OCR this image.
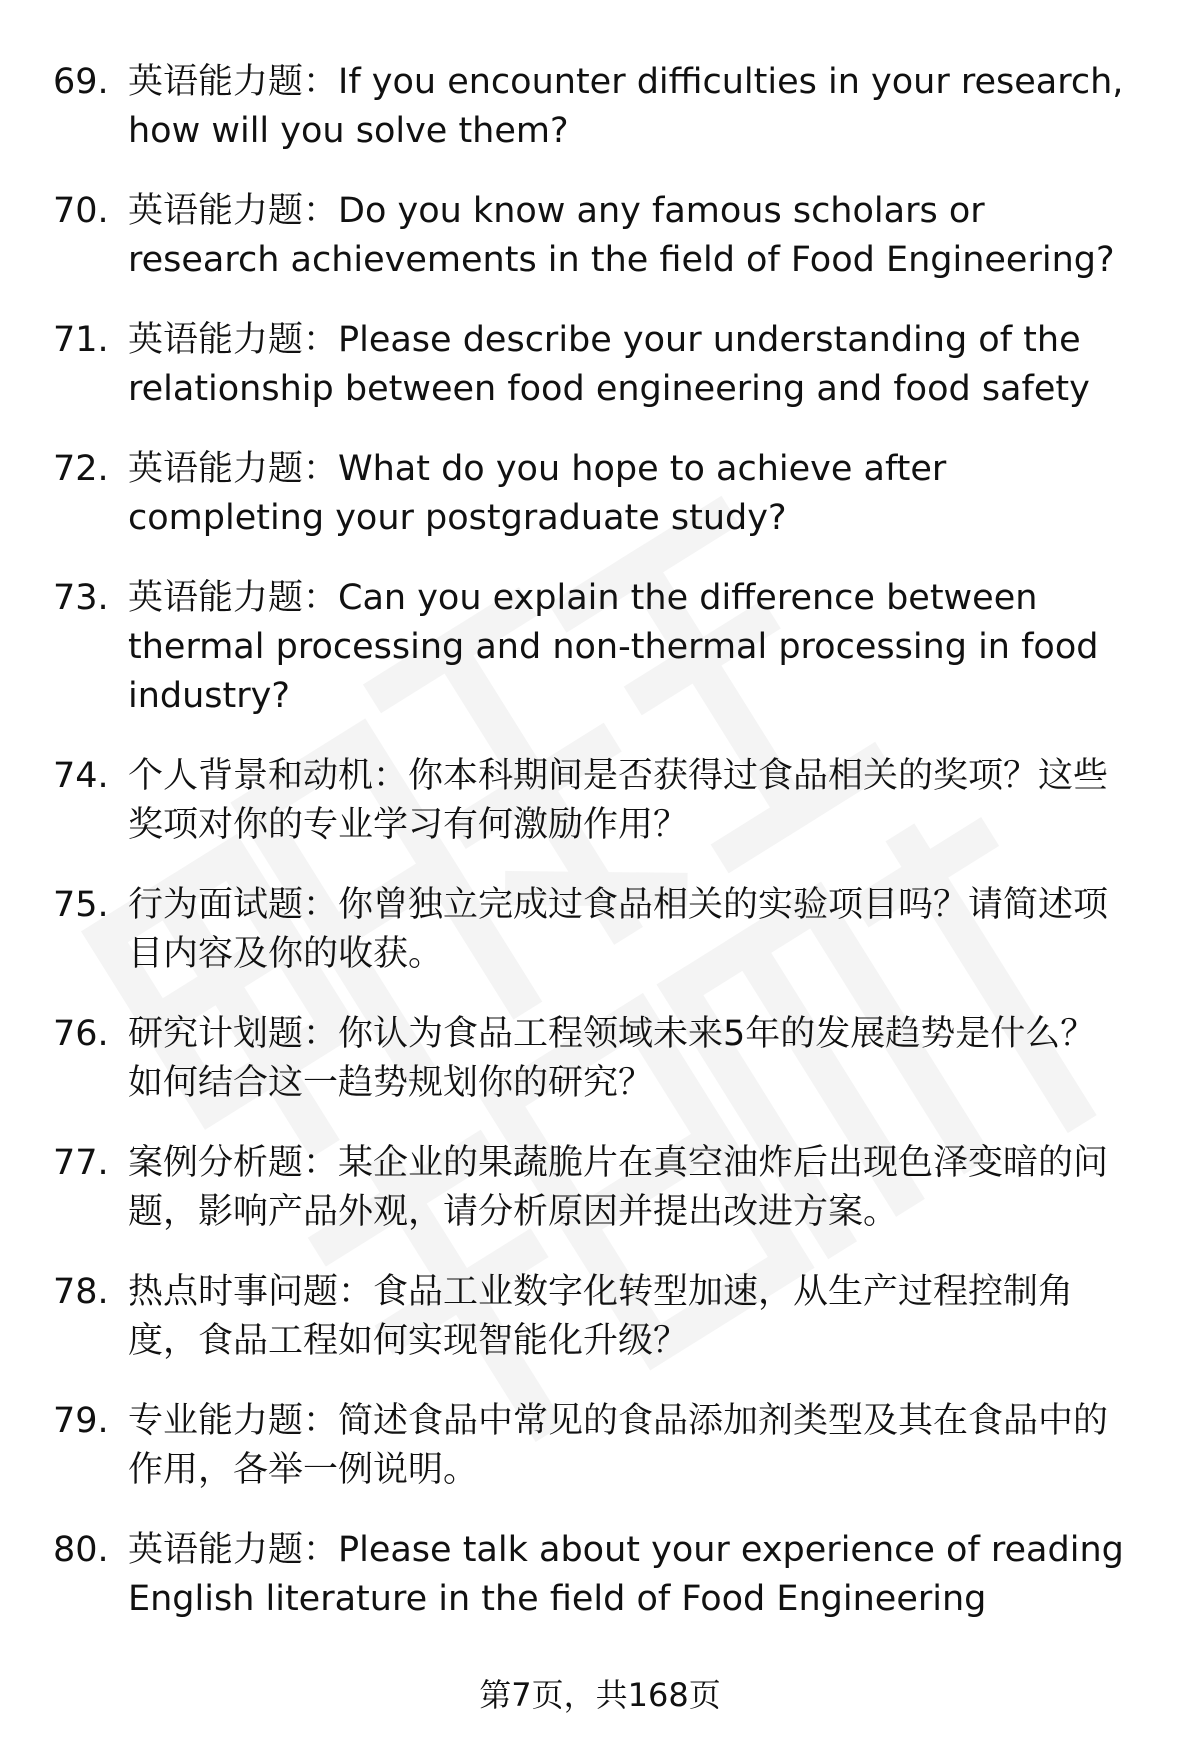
69. 英语能力题：If you encounter difficulties in your research, how will you solve them?
70. 英语能力题：Do you know any famous scholars or research achievements in the field of Food Engineering?
71. 英语能力题：Please describe your understanding of the relationship between food engineering and food safety
72. 英语能力题：What do you hope to achieve after completing your postgraduate study?
73. 英语能力题：Can you explain the difference between thermal processing and non-thermal processing in food industry?
74. 个人背景和动机：你本科期间是否获得过食品相关的奖项？这些奖项对你的专业学习有何激励作用？
75. 行为面试题：你曾独立完成过食品相关的实验项目吗？请简述项目内容及你的收获。
76. 研究计划题：你认为食品工程领域未来5年的发展趋势是什么？如何结合这一趋势规划你的研究？
77. 案例分析题：某企业的果蔬脆片在真空油炸后出现色泽变暗的问题，影响产品外观，请分析原因并提出改进方案。
78. 热点时事问题：食品工业数字化转型加速，从生产过程控制角度，食品工程如何实现智能化升级？
79. 专业能力题：简述食品中常见的食品添加剂类型及其在食品中的作用，各举一例说明。
80. 英语能力题：Please talk about your experience of reading English literature in the field of Food Engineering
第7页，共168页
